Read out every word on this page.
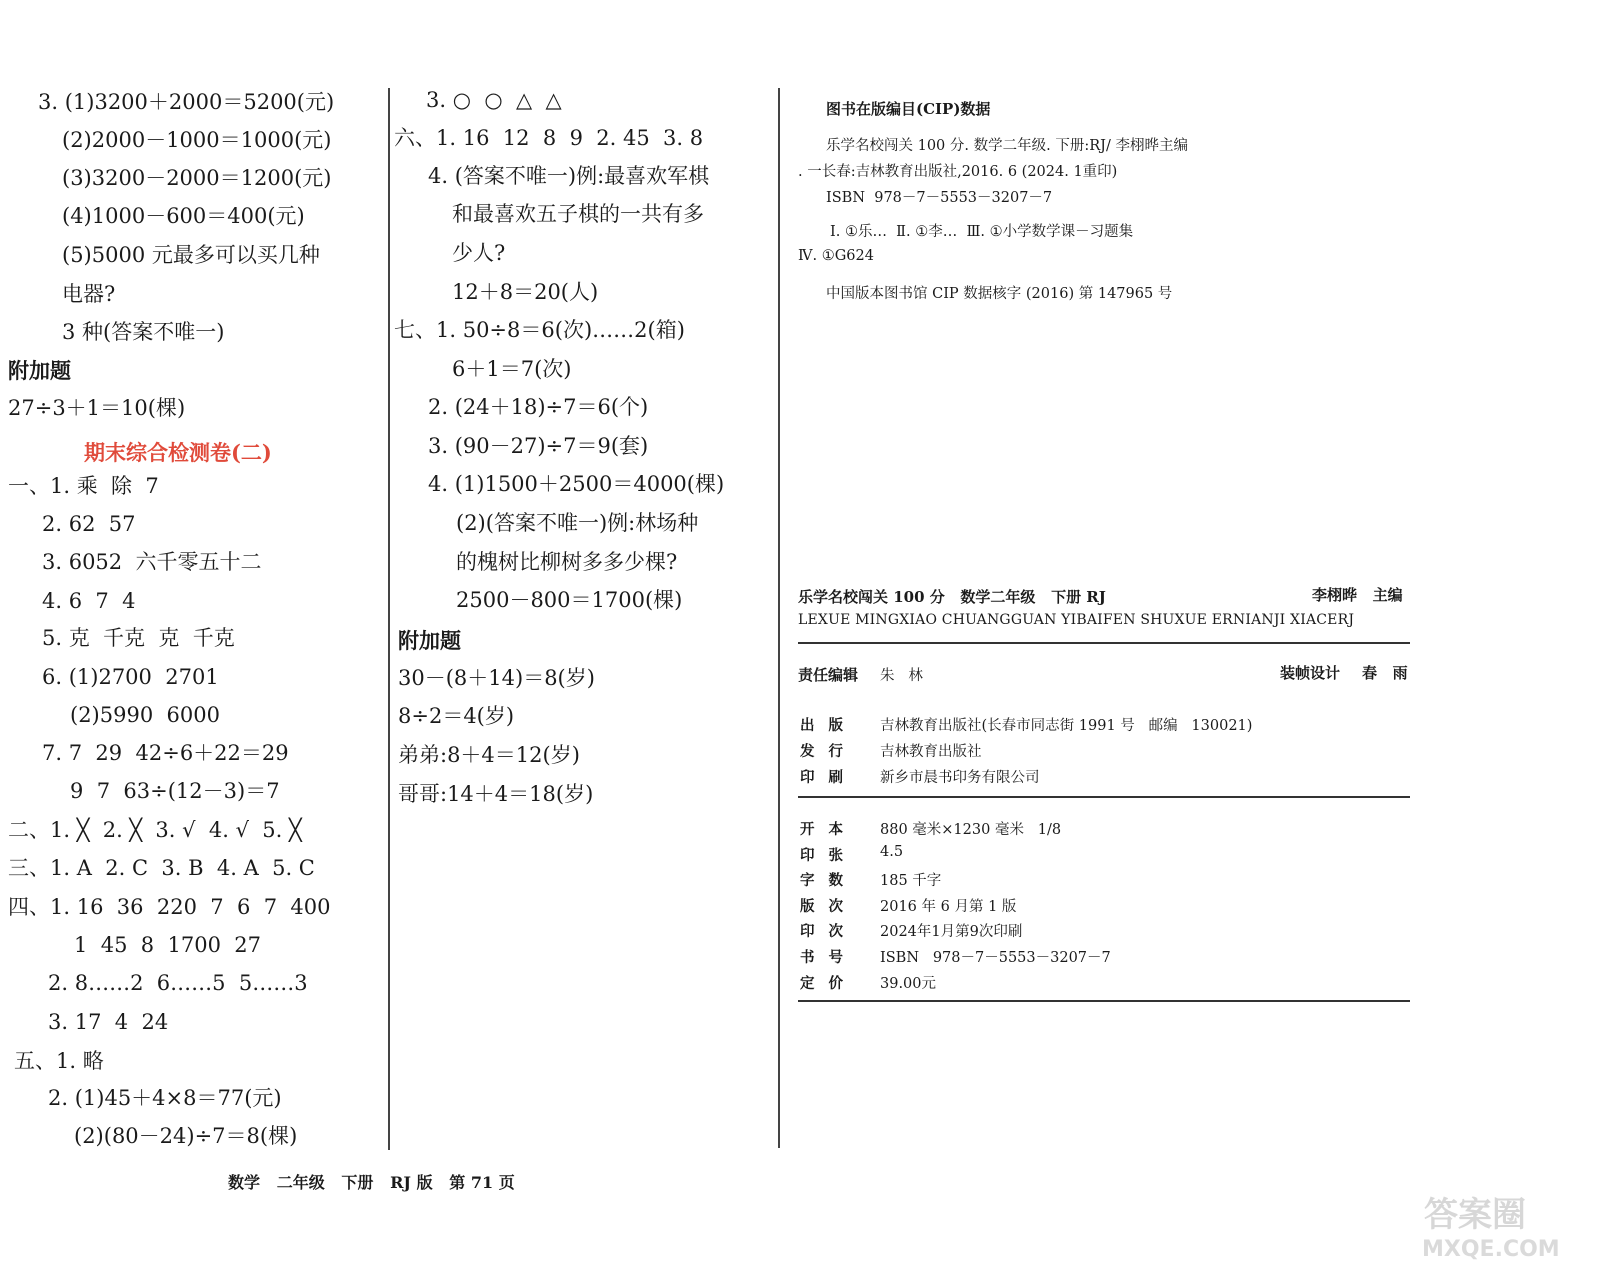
3. (1)3200＋2000＝5200(元)
(2)2000－1000＝1000(元)
(3)3200－2000＝1200(元)
(4)1000－600＝400(元)
(5)5000 元最多可以买几种
电器?
3 种(答案不唯一)
附加题
27÷3＋1＝10(棵)
一、1. 乘  除  7
2. 62  57
3. 6052  六千零五十二
4. 6  7  4
5. 克  千克  克  千克
6. (1)2700  2701
(2)5990  6000
7. 7  29  42÷6＋22＝29
9  7  63÷(12－3)＝7
二、1. ╳  2. ╳  3. √  4. √  5. ╳
三、1. A  2. C  3. B  4. A  5. C
四、1. 16  36  220  7  6  7  400
1  45  8  1700  27
2. 8……2  6……5  5……3
3. 17  4  24
五、1. 略
2. (1)45＋4×8＝77(元)
(2)(80－24)÷7＝8(棵)
期末综合检测卷(二)
3. ○  ○  △  △
六、1. 16  12  8  9  2. 45  3. 8
4. (答案不唯一)例:最喜欢军棋
和最喜欢五子棋的一共有多
少人?
12＋8＝20(人)
七、1. 50÷8＝6(次)……2(箱)
6＋1＝7(次)
2. (24＋18)÷7＝6(个)
3. (90－27)÷7＝9(套)
4. (1)1500＋2500＝4000(棵)
(2)(答案不唯一)例:林场种
的槐树比柳树多多少棵?
2500－800＝1700(棵)
附加题
30－(8＋14)＝8(岁)
8÷2＝4(岁)
弟弟:8＋4＝12(岁)
哥哥:14＋4＝18(岁)
图书在版编目(CIP)数据
乐学名校闯关 100 分. 数学二年级. 下册:RJ/ 李栩晔主编
. 一长春:吉林教育出版社,2016. 6 (2024. 1重印)
ISBN  978－7－5553－3207－7
Ⅰ. ①乐…  Ⅱ. ①李…  Ⅲ. ①小学数学课－习题集
Ⅳ. ①G624
中国版本图书馆 CIP 数据核字 (2016) 第 147965 号
乐学名校闯关 100 分   数学二年级   下册 RJ	李栩晔   主编
LEXUE MINGXIAO CHUANGGUAN YIBAIFEN SHUXUE ERNIANJI XIACERJ
责任编辑 朱   林	装帧设计 春   雨
出版 吉林教育出版社(长春市同志街 1991 号   邮编   130021)
发行 吉林教育出版社
印刷 新乡市晨书印务有限公司
开本 880 毫米×1230 毫米   1/8
印张 4.5
字数 185 千字
版次 2016 年 6 月第 1 版
印次 2024年1月第9次印刷
书号 ISBN   978－7－5553－3207－7
定价 39.00元
数学   二年级   下册   RJ 版   第 71 页
答案圈
MXQE.COM
